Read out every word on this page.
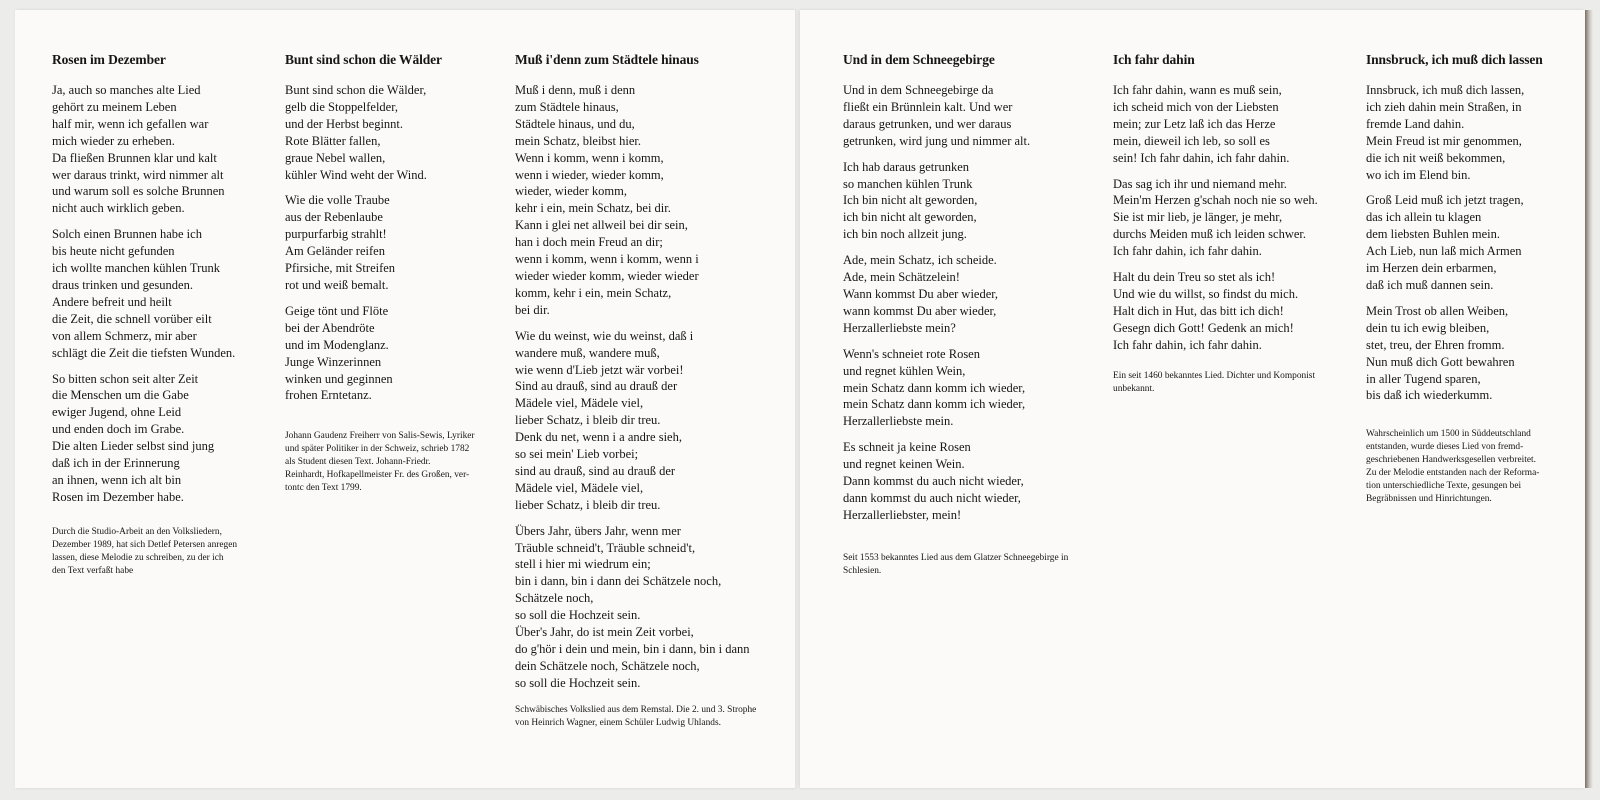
Rosen im Dezember
Ja, auch so manches alte Lied
gehört zu meinem Leben
half mir, wenn ich gefallen war
mich wieder zu erheben.
Da fließen Brunnen klar und kalt
wer daraus trinkt, wird nimmer alt
und warum soll es solche Brunnen
nicht auch wirklich geben.
Solch einen Brunnen habe ich
bis heute nicht gefunden
ich wollte manchen kühlen Trunk
draus trinken und gesunden.
Andere befreit und heilt
die Zeit, die schnell vorüber eilt
von allem Schmerz, mir aber
schlägt die Zeit die tiefsten Wunden.
So bitten schon seit alter Zeit
die Menschen um die Gabe
ewiger Jugend, ohne Leid
und enden doch im Grabe.
Die alten Lieder selbst sind jung
daß ich in der Erinnerung
an ihnen, wenn ich alt bin
Rosen im Dezember habe.
Durch die Studio-Arbeit an den Volksliedern,
Dezember 1989, hat sich Detlef Petersen anregen
lassen, diese Melodie zu schreiben, zu der ich
den Text verfaßt habe
Bunt sind schon die Wälder
Bunt sind schon die Wälder,
gelb die Stoppelfelder,
und der Herbst beginnt.
Rote Blätter fallen,
graue Nebel wallen,
kühler Wind weht der Wind.
Wie die volle Traube
aus der Rebenlaube
purpurfarbig strahlt!
Am Geländer reifen
Pfirsiche, mit Streifen
rot und weiß bemalt.
Geige tönt und Flöte
bei der Abendröte
und im Modenglanz.
Junge Winzerinnen
winken und geginnen
frohen Erntetanz.
Johann Gaudenz Freiherr von Salis-Sewis, Lyriker
und später Politiker in der Schweiz, schrieb 1782
als Student diesen Text. Johann-Friedr.
Reinhardt, Hofkapellmeister Fr. des Großen, ver-
tontc den Text 1799.
Muß i'denn zum Städtele hinaus
Muß i denn, muß i denn
zum Städtele hinaus,
Städtele hinaus, und du,
mein Schatz, bleibst hier.
Wenn i komm, wenn i komm,
wenn i wieder, wieder komm,
wieder, wieder komm,
kehr i ein, mein Schatz, bei dir.
Kann i glei net allweil bei dir sein,
han i doch mein Freud an dir;
wenn i komm, wenn i komm, wenn i
wieder wieder komm, wieder wieder
komm, kehr i ein, mein Schatz,
bei dir.
Wie du weinst, wie du weinst, daß i
wandere muß, wandere muß,
wie wenn d'Lieb jetzt wär vorbei!
Sind au drauß, sind au drauß der
Mädele viel, Mädele viel,
lieber Schatz, i bleib dir treu.
Denk du net, wenn i a andre sieh,
so sei mein' Lieb vorbei;
sind au drauß, sind au drauß der
Mädele viel, Mädele viel,
lieber Schatz, i bleib dir treu.
Übers Jahr, übers Jahr, wenn mer
Träuble schneid't, Träuble schneid't,
stell i hier mi wiedrum ein;
bin i dann, bin i dann dei Schätzele noch,
Schätzele noch,
so soll die Hochzeit sein.
Über's Jahr, do ist mein Zeit vorbei,
do g'hör i dein und mein, bin i dann, bin i dann
dein Schätzele noch, Schätzele noch,
so soll die Hochzeit sein.
Schwäbisches Volkslied aus dem Remstal. Die 2. und 3. Strophe
von Heinrich Wagner, einem Schüler Ludwig Uhlands.
Und in dem Schneegebirge
Und in dem Schneegebirge da
fließt ein Brünnlein kalt. Und wer
daraus getrunken, und wer daraus
getrunken, wird jung und nimmer alt.
Ich hab daraus getrunken
so manchen kühlen Trunk
Ich bin nicht alt geworden,
ich bin nicht alt geworden,
ich bin noch allzeit jung.
Ade, mein Schatz, ich scheide.
Ade, mein Schätzelein!
Wann kommst Du aber wieder,
wann kommst Du aber wieder,
Herzallerliebste mein?
Wenn's schneiet rote Rosen
und regnet kühlen Wein,
mein Schatz dann komm ich wieder,
mein Schatz dann komm ich wieder,
Herzallerliebste mein.
Es schneit ja keine Rosen
und regnet keinen Wein.
Dann kommst du auch nicht wieder,
dann kommst du auch nicht wieder,
Herzallerliebster, mein!
Seit 1553 bekanntes Lied aus dem Glatzer Schneegebirge in
Schlesien.
Ich fahr dahin
Ich fahr dahin, wann es muß sein,
ich scheid mich von der Liebsten
mein; zur Letz laß ich das Herze
mein, dieweil ich leb, so soll es
sein! Ich fahr dahin, ich fahr dahin.
Das sag ich ihr und niemand mehr.
Mein'm Herzen g'schah noch nie so weh.
Sie ist mir lieb, je länger, je mehr,
durchs Meiden muß ich leiden schwer.
Ich fahr dahin, ich fahr dahin.
Halt du dein Treu so stet als ich!
Und wie du willst, so findst du mich.
Halt dich in Hut, das bitt ich dich!
Gesegn dich Gott! Gedenk an mich!
Ich fahr dahin, ich fahr dahin.
Ein seit 1460 bekanntes Lied. Dichter und Komponist
unbekannt.
Innsbruck, ich muß dich lassen
Innsbruck, ich muß dich lassen,
ich zieh dahin mein Straßen, in
fremde Land dahin.
Mein Freud ist mir genommen,
die ich nit weiß bekommen,
wo ich im Elend bin.
Groß Leid muß ich jetzt tragen,
das ich allein tu klagen
dem liebsten Buhlen mein.
Ach Lieb, nun laß mich Armen
im Herzen dein erbarmen,
daß ich muß dannen sein.
Mein Trost ob allen Weiben,
dein tu ich ewig bleiben,
stet, treu, der Ehren fromm.
Nun muß dich Gott bewahren
in aller Tugend sparen,
bis daß ich wiederkumm.
Wahrscheinlich um 1500 in Süddeutschland
entstanden, wurde dieses Lied von fremd-
geschriebenen Handwerksgesellen verbreitet.
Zu der Melodie entstanden nach der Reforma-
tion unterschiedliche Texte, gesungen bei
Begräbnissen und Hinrichtungen.
